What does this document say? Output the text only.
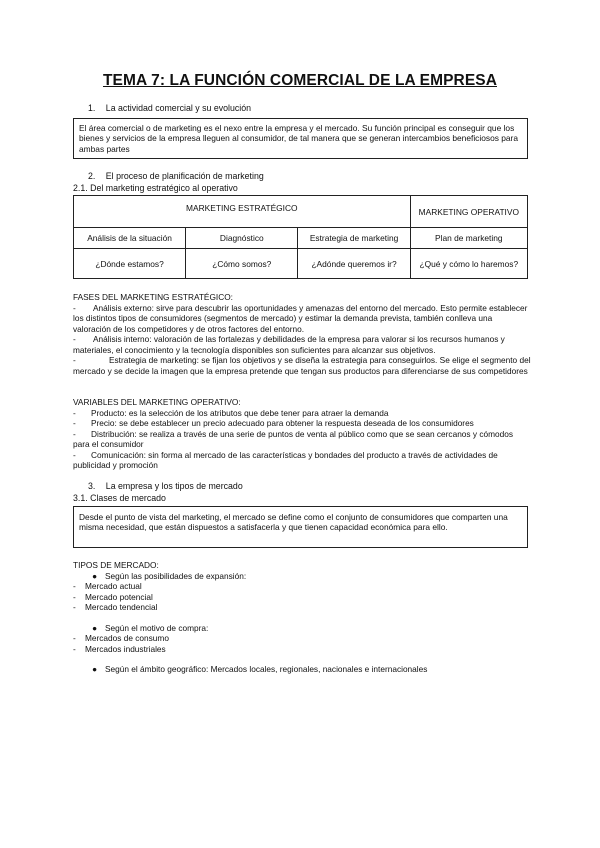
TEMA 7: LA FUNCIÓN COMERCIAL DE LA EMPRESA
1. La actividad comercial y su evolución
El área comercial o de marketing es el nexo entre la empresa y el mercado. Su función principal es conseguir que los bienes y servicios de la empresa lleguen al consumidor, de tal manera que se generan intercambios beneficiosos para ambas partes
2. El proceso de planificación de marketing
2.1. Del marketing estratégico al operativo
MARKETING ESTRATÉGICO			MARKETING OPERATIVO
Análisis de la situación	Diagnóstico	Estrategia de marketing	Plan de marketing
¿Dónde estamos?	¿Cómo somos?	¿Adónde queremos ir?	¿Qué y cómo lo haremos?

FASES DEL MARKETING ESTRATÉGICO:

- Análisis externo: sirve para descubrir las oportunidades y amenazas del entorno del mercado. Esto permite establecer los distintos tipos de consumidores (segmentos de mercado) y estimar la demanda prevista, también conlleva una valoración de los competidores y de otros factores del entorno.

- Análisis interno: valoración de las fortalezas y debilidades de la empresa para valorar si los recursos humanos y materiales, el conocimiento y la tecnología disponibles son suficientes para alcanzar sus objetivos.

-	Estrategia de marketing: se fijan los objetivos y se diseña la estrategia para conseguirlos. Se elige el segmento del mercado y se decide la imagen que la empresa pretende que tengan sus productos para diferenciarse de sus competidores

VARIABLES DEL MARKETING OPERATIVO:

- Producto: es la selección de los atributos que debe tener para atraer la demanda

- Precio: se debe establecer un precio adecuado para obtener la respuesta deseada de los consumidores

- Distribución: se realiza a través de una serie de puntos de venta al público como que se sean cercanos y cómodos para el consumidor

- Comunicación: sin forma al mercado de las características y bondades del producto a través de actividades de publicidad y promoción

3. La empresa y los tipos de mercado
3.1. Clases de mercado
Desde el punto de vista del marketing, el mercado se define como el conjunto de consumidores que comparten una misma necesidad, que están dispuestos a satisfacerla y que tienen capacidad económica para ello.

TIPOS DE MERCADO:

● Según las posibilidades de expansión:

- Mercado actual

- Mercado potencial

- Mercado tendencial

● Según el motivo de compra:

- Mercados de consumo

- Mercados industriales

● Según el ámbito geográfico: Mercados locales, regionales, nacionales e internacionales
